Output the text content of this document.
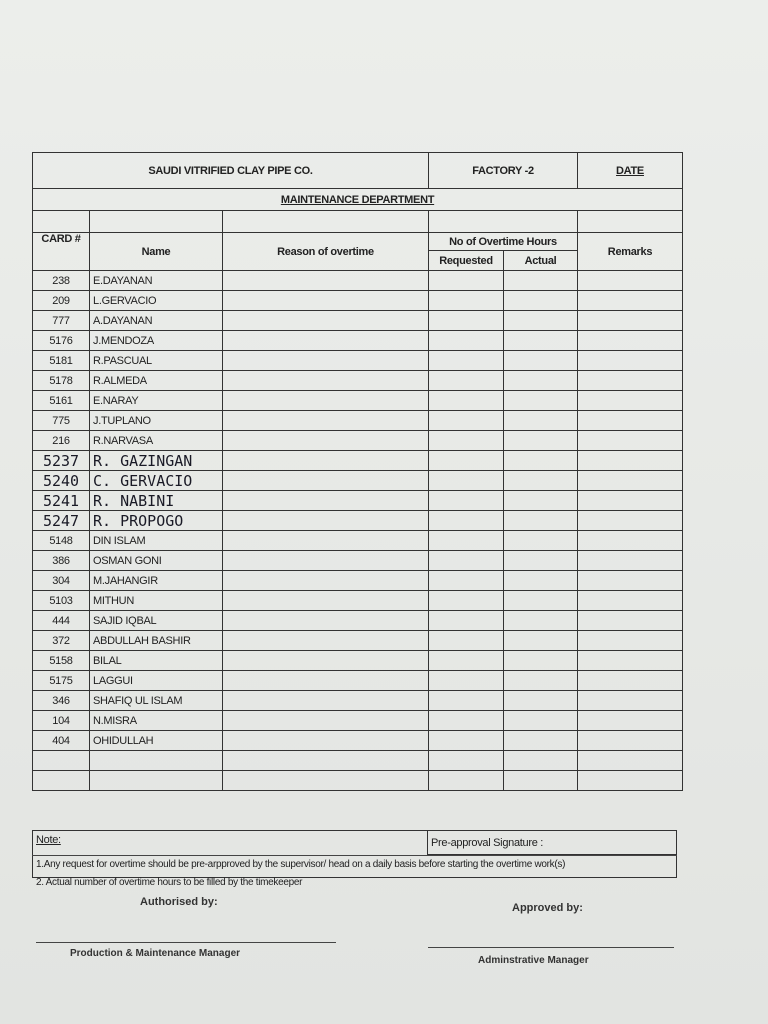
SAUDI VITRIFIED CLAY PIPE CO.			FACTORY -2		DATE
MAINTENANCE DEPARTMENT					

CARD #	Name	Reason of overtime	No of Overtime Hours		Remarks
			Requested	Actual	
238	E.DAYANAN				
209	L.GERVACIO				
777	A.DAYANAN				
5176	J.MENDOZA				
5181	R.PASCUAL				
5178	R.ALMEDA				
5161	E.NARAY				
775	J.TUPLANO				
216	R.NARVASA				
5237	R. GAZINGAN				
5240	C. GERVACIO				
5241	R. NABINI				
5247	R. PROPOGO				
5148	DIN ISLAM				
386	OSMAN GONI				
304	M.JAHANGIR				
5103	MITHUN				
444	SAJID IQBAL				
372	ABDULLAH BASHIR				
5158	BILAL				
5175	LAGGUI				
346	SHAFIQ UL ISLAM				
104	N.MISRA				
404	OHIDULLAH				

Note:	Pre-approval Signature :
1.Any request for overtime should be pre-arpproved by the supervisor/ head on a daily basis before starting the overtime work(s)
2. Actual number of overtime hours to be filled by the timekeeper
Authorised by:	Approved by:
Production & Maintenance Manager
Adminstrative Manager
